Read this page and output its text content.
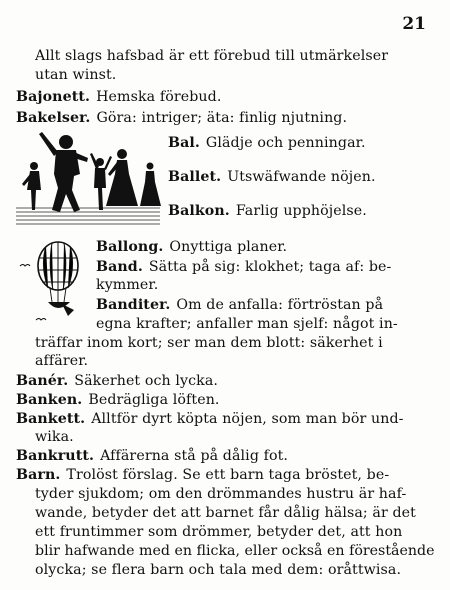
21
Allt slags hafsbad är ett förebud till utmärkelser
utan winst.
Bajonett. Hemska förebud.
Bakelser. Göra: intriger; äta: finlig njutning.
Bal. Glädje och penningar.
Ballet. Utswäfwande nöjen.
Balkon. Farlig upphöjelse.
Ballong. Onyttiga planer.
Band. Sätta på sig: klokhet; taga af: be-
kymmer.
Banditer. Om de anfalla: förtröstan på
egna krafter; anfaller man sjelf: något in-
träffar inom kort; ser man dem blott: säkerhet i
affärer.
Banér. Säkerhet och lycka.
Banken. Bedrägliga löften.
Bankett. Alltför dyrt köpta nöjen, som man bör und-
wika.
Bankrutt. Affärerna stå på dålig fot.
Barn. Trolöst förslag. Se ett barn taga bröstet, be-
tyder sjukdom; om den drömmandes hustru är haf-
wande, betyder det att barnet får dålig hälsa; är det
ett fruntimmer som drömmer, betyder det, att hon
blir hafwande med en flicka, eller också en förestående
olycka; se flera barn och tala med dem: oråttwisa.
